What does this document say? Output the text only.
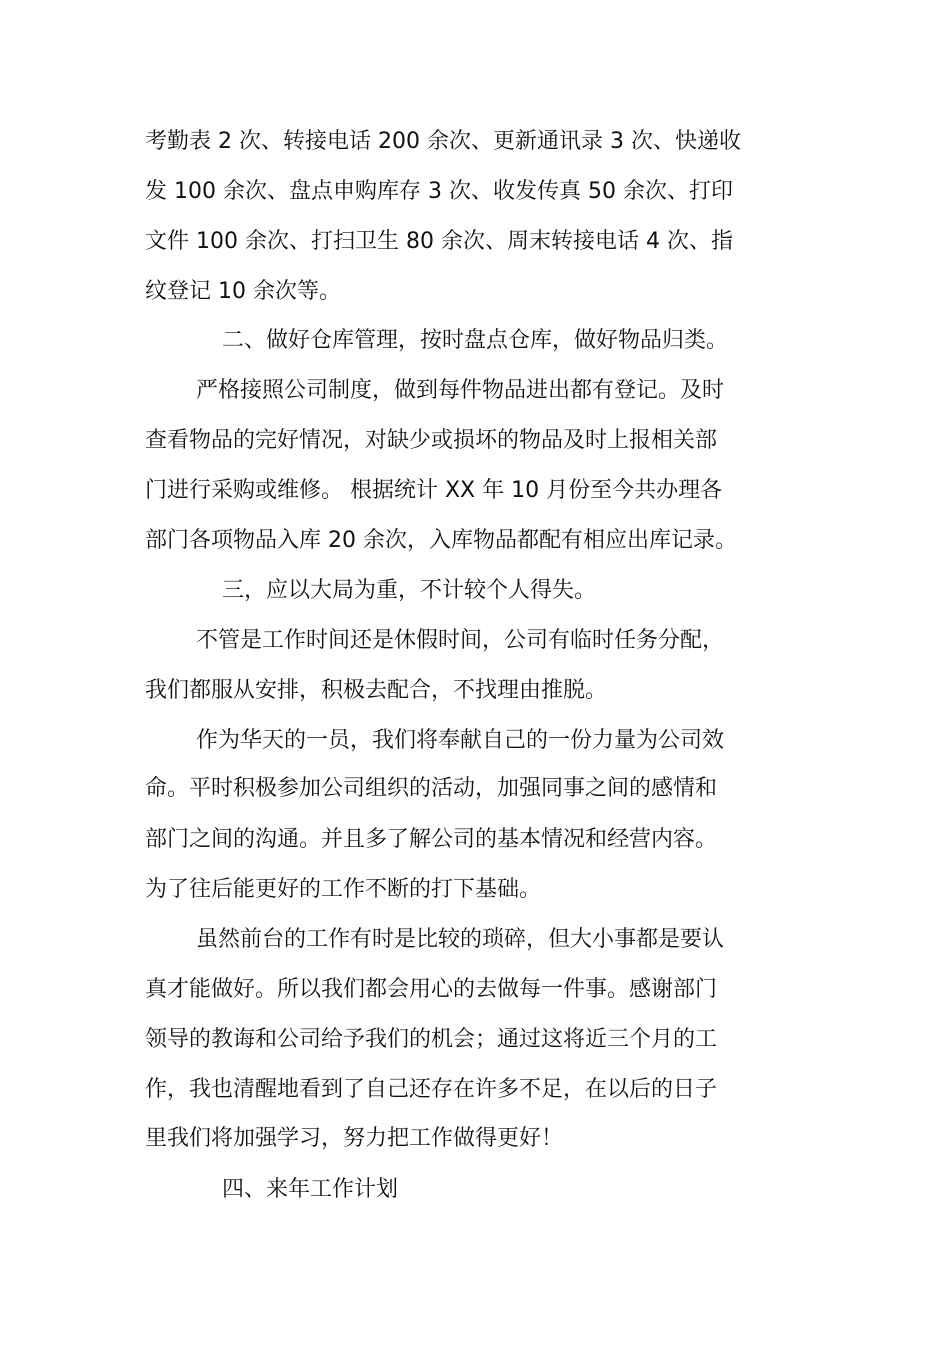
考勤表 2 次、转接电话 200 余次、更新通讯录 3 次、快递收
发 100 余次、盘点申购库存 3 次、收发传真 50 余次、打印
文件 100 余次、打扫卫生 80 余次、周末转接电话 4 次、指
纹登记 10 余次等。
二、做好仓库管理，按时盘点仓库，做好物品归类。
严格接照公司制度，做到每件物品进出都有登记。及时
查看物品的完好情况，对缺少或损坏的物品及时上报相关部
门进行采购或维修。 根据统计 XX 年 10 月份至今共办理各
部门各项物品入库 20 余次，入库物品都配有相应出库记录。
三，应以大局为重，不计较个人得失。
不管是工作时间还是休假时间，公司有临时任务分配，
我们都服从安排，积极去配合，不找理由推脱。
作为华天的一员，我们将奉献自己的一份力量为公司效
命。平时积极参加公司组织的活动，加强同事之间的感情和
部门之间的沟通。并且多了解公司的基本情况和经营内容。
为了往后能更好的工作不断的打下基础。
虽然前台的工作有时是比较的琐碎，但大小事都是要认
真才能做好。所以我们都会用心的去做每一件事。感谢部门
领导的教诲和公司给予我们的机会；通过这将近三个月的工
作，我也清醒地看到了自己还存在许多不足，在以后的日子
里我们将加强学习，努力把工作做得更好！
四、来年工作计划
